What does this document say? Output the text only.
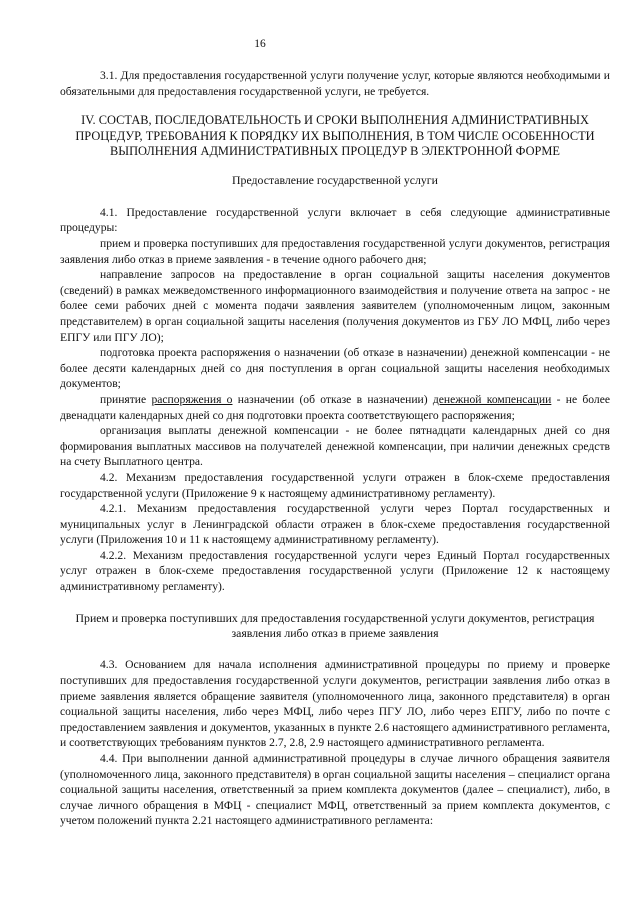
16

3.1. Для предоставления государственной услуги получение услуг, которые являются необходимыми и обязательными для предоставления государственной услуги, не требуется.

IV. СОСТАВ, ПОСЛЕДОВАТЕЛЬНОСТЬ И СРОКИ ВЫПОЛНЕНИЯ АДМИНИСТРАТИВНЫХ ПРОЦЕДУР, ТРЕБОВАНИЯ К ПОРЯДКУ ИХ ВЫПОЛНЕНИЯ, В ТОМ ЧИСЛЕ ОСОБЕННОСТИ ВЫПОЛНЕНИЯ АДМИНИСТРАТИВНЫХ ПРОЦЕДУР В ЭЛЕКТРОННОЙ ФОРМЕ

Предоставление государственной услуги

4.1. Предоставление государственной услуги включает в себя следующие административные процедуры:

прием и проверка поступивших для предоставления государственной услуги документов, регистрация заявления либо отказ в приеме заявления - в течение одного рабочего дня;

направление запросов на предоставление в орган социальной защиты населения документов (сведений) в рамках межведомственного информационного взаимодействия и получение ответа на запрос - не более семи рабочих дней с момента подачи заявления заявителем (уполномоченным лицом, законным представителем) в орган социальной защиты населения (получения документов из ГБУ ЛО МФЦ, либо через ЕПГУ или ПГУ ЛО);

подготовка проекта распоряжения о назначении (об отказе в назначении) денежной компенсации - не более десяти календарных дней со дня поступления в орган социальной защиты населения необходимых документов;

принятие распоряжения о назначении (об отказе в назначении) денежной компенсации - не более двенадцати календарных дней со дня подготовки проекта соответствующего распоряжения;

организация выплаты денежной компенсации - не более пятнадцати календарных дней со дня формирования выплатных массивов на получателей денежной компенсации, при наличии денежных средств на счету Выплатного центра.

4.2. Механизм предоставления государственной услуги отражен в блок-схеме предоставления государственной услуги (Приложение 9 к настоящему административному регламенту).

4.2.1. Механизм предоставления государственной услуги через Портал государственных и муниципальных услуг в Ленинградской области отражен в блок-схеме предоставления государственной услуги (Приложения 10 и 11 к настоящему административному регламенту).

4.2.2. Механизм предоставления государственной услуги через Единый Портал государственных услуг отражен в блок-схеме предоставления государственной услуги (Приложение 12 к настоящему административному регламенту).

Прием и проверка поступивших для предоставления государственной услуги документов, регистрация заявления либо отказ в приеме заявления

4.3. Основанием для начала исполнения административной процедуры по приему и проверке поступивших для предоставления государственной услуги документов, регистрации заявления либо отказ в приеме заявления является обращение заявителя (уполномоченного лица, законного представителя) в орган социальной защиты населения, либо через МФЦ, либо через ПГУ ЛО, либо через ЕПГУ, либо по почте с предоставлением заявления и документов, указанных в пункте 2.6 настоящего административного регламента, и соответствующих требованиям пунктов 2.7, 2.8, 2.9 настоящего административного регламента.

4.4. При выполнении данной административной процедуры в случае личного обращения заявителя (уполномоченного лица, законного представителя) в орган социальной защиты населения – специалист органа социальной защиты населения, ответственный за прием комплекта документов (далее – специалист), либо, в случае личного обращения в МФЦ - специалист МФЦ, ответственный за прием комплекта документов, с учетом положений пункта 2.21 настоящего административного регламента:
